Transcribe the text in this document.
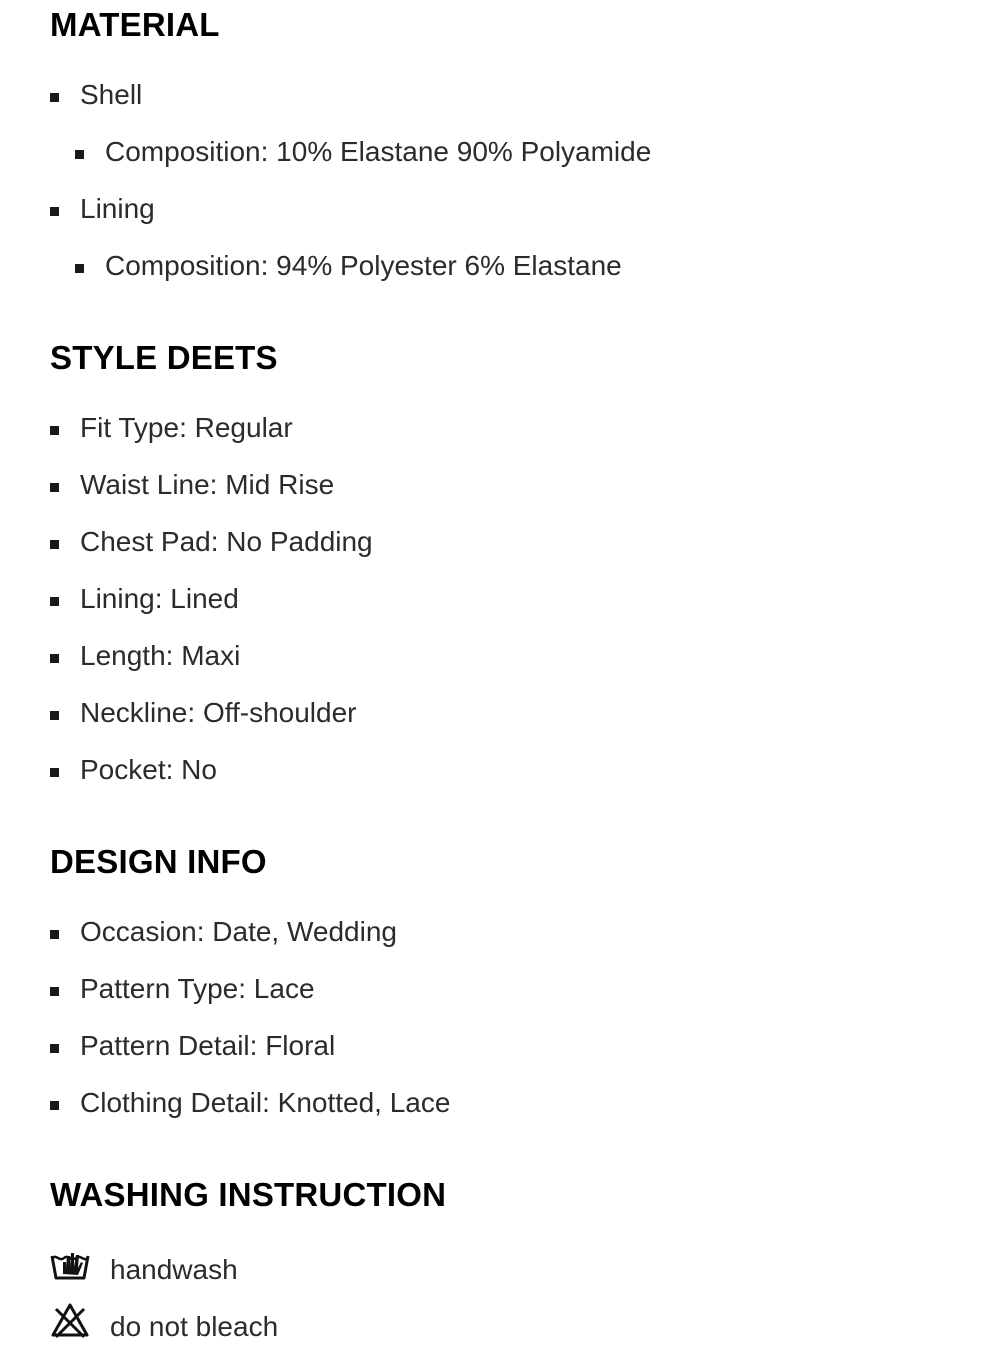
MATERIAL
Shell
Composition: 10% Elastane 90% Polyamide
Lining
Composition: 94% Polyester 6% Elastane
STYLE DEETS
Fit Type: Regular
Waist Line: Mid Rise
Chest Pad: No Padding
Lining: Lined
Length: Maxi
Neckline: Off-shoulder
Pocket: No
DESIGN INFO
Occasion: Date, Wedding
Pattern Type: Lace
Pattern Detail: Floral
Clothing Detail: Knotted, Lace
WASHING INSTRUCTION
handwash
do not bleach
